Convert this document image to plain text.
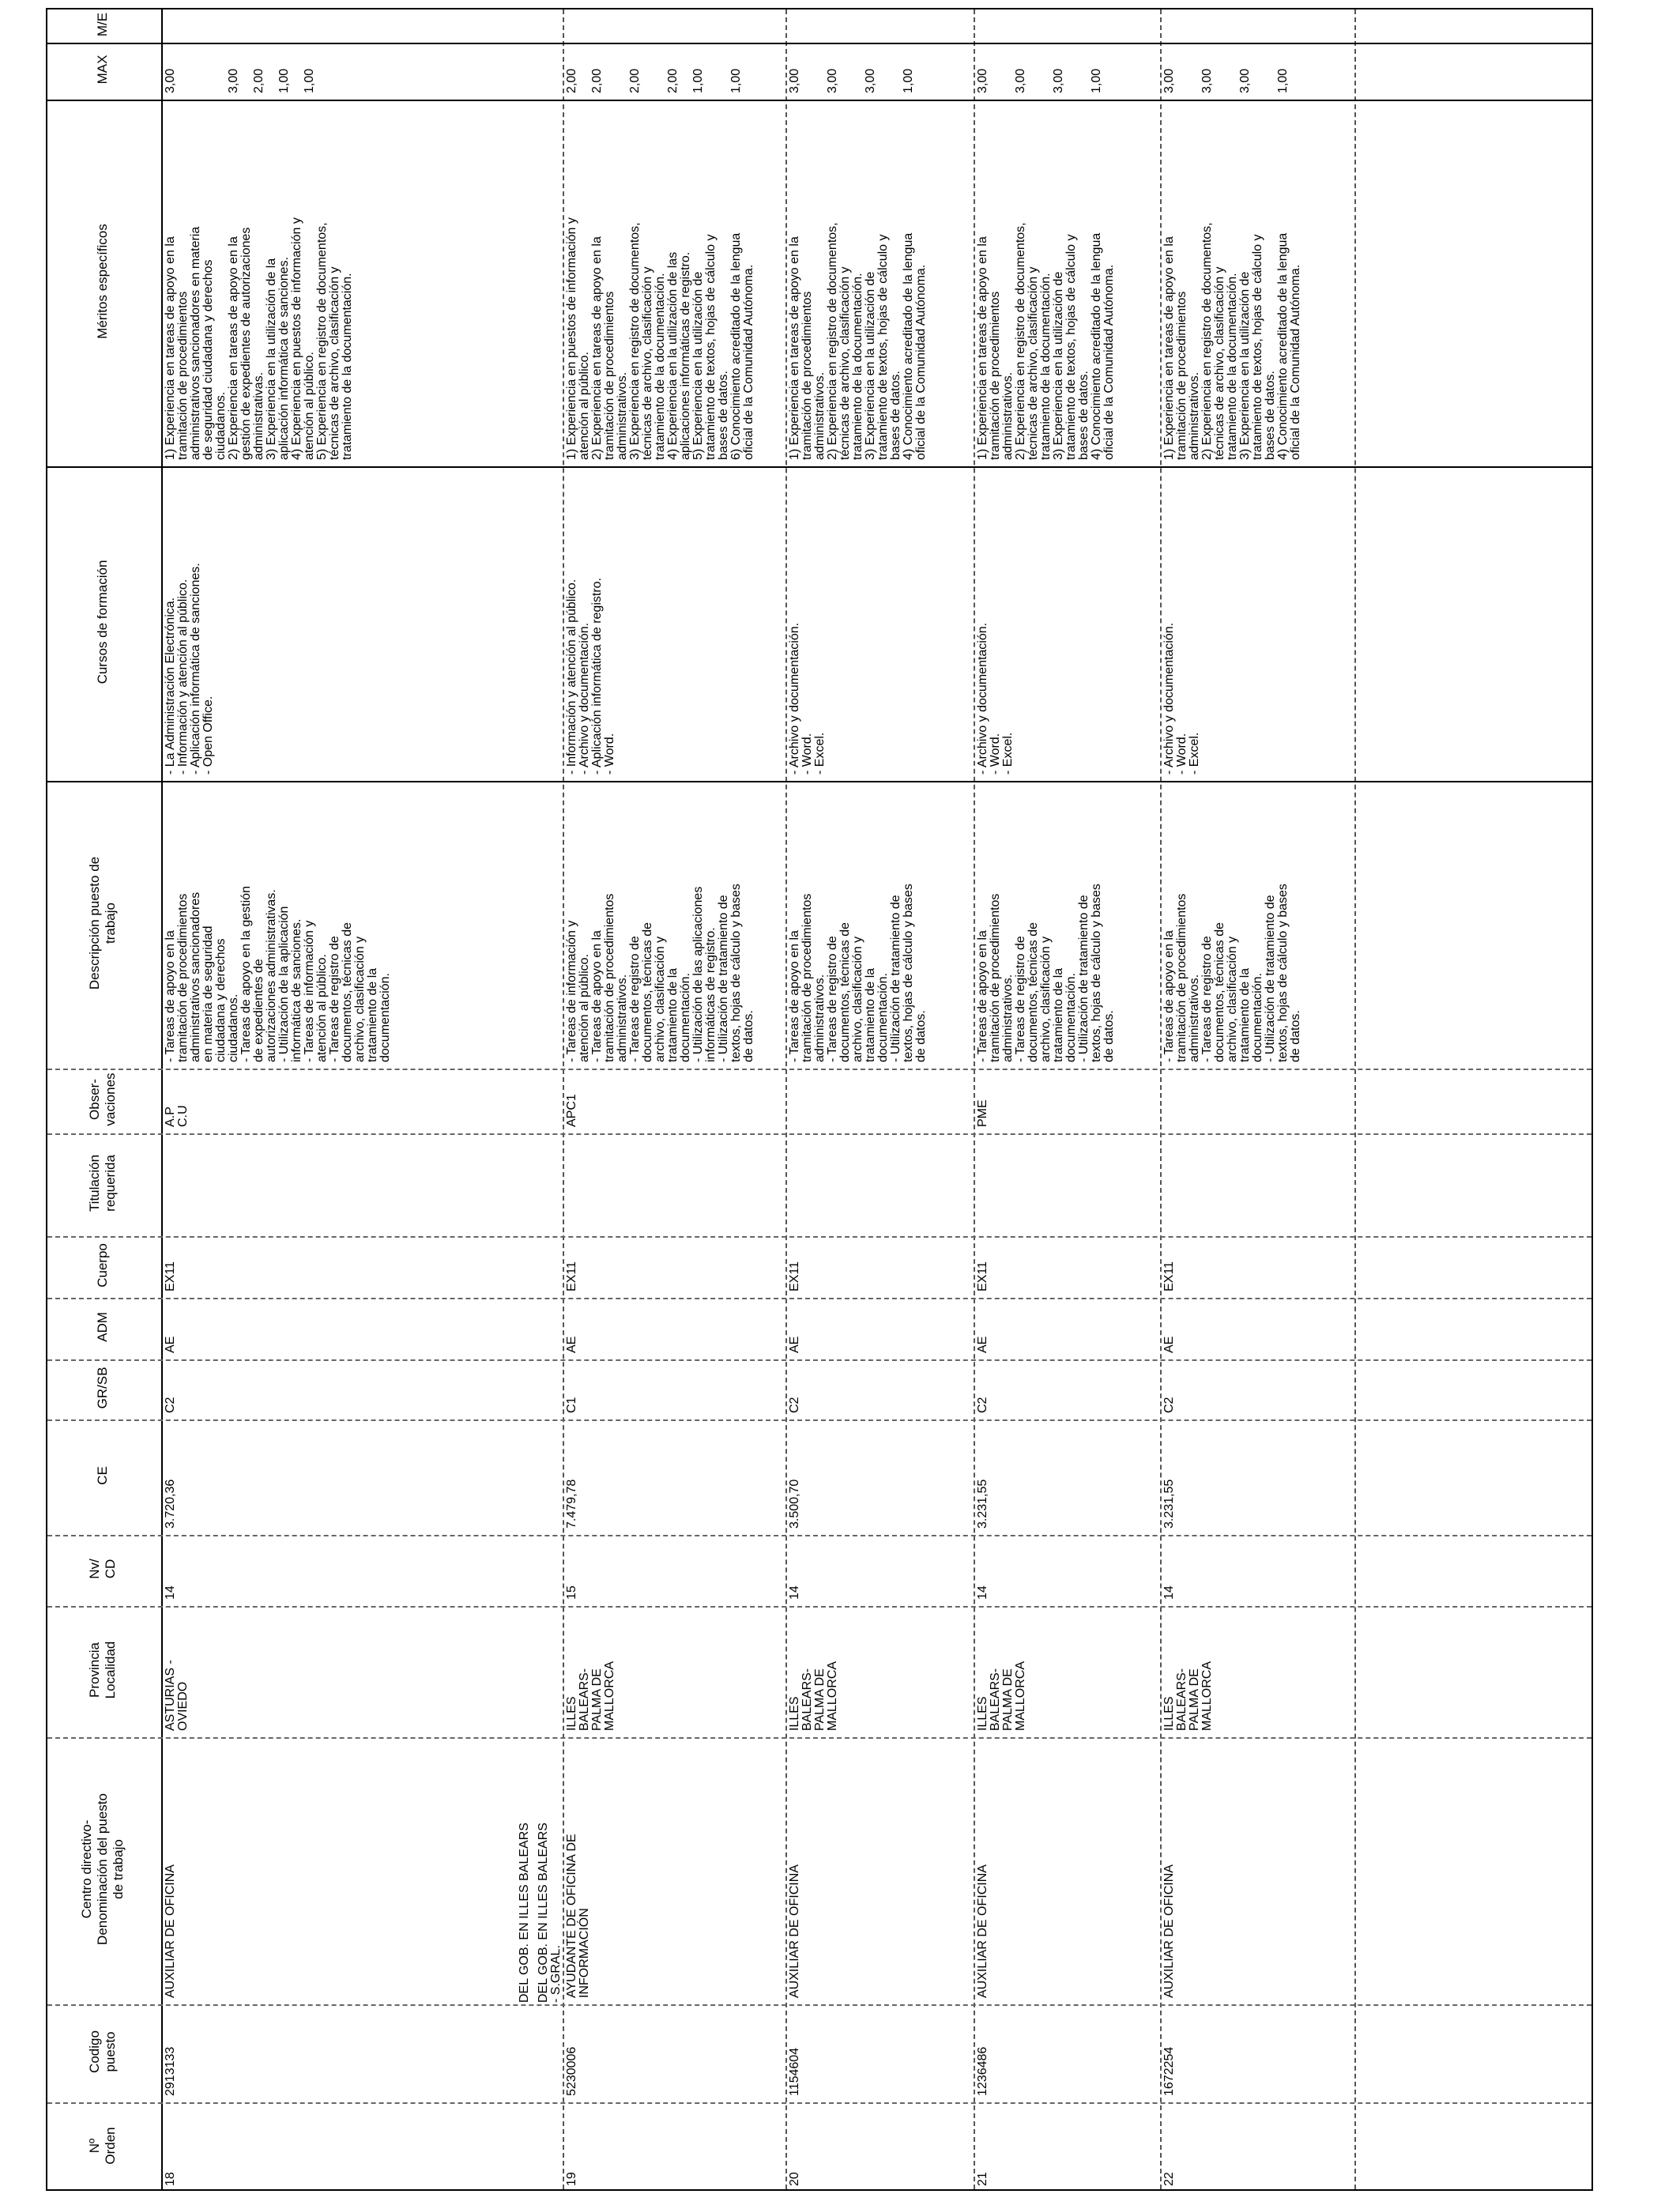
Nº
Orden
Codigo
puesto
Centro directivo-
Denominación del puesto
de trabajo
Provincia
Localidad
Nv/
CD
CE
GR/SB
ADM
Cuerpo
Titulación
requerida
Obser-
vaciones
Descripción puesto de
trabajo
Cursos de formación
Méritos específicos
MAX
M/E
DEL GOB. EN ILLES BALEARS DEL GOB. EN ILLES BALEARS
- S.GRAL.
18
2913133
AUXILIAR DE OFICINA
ASTURIAS -
OVIEDO
14
3.720,36
C2
AE
EX11
A.P
C.U
- Tareas de apoyo en la
tramitación de procedimientos
administrativos sancionadores
en materia de seguridad
ciudadana y derechos
ciudadanos.
- Tareas de apoyo en la gestión
de expedientes de
autorizaciones administrativas.
- Utilización de la aplicación
informática de sanciones.
- Tareas de información y
atención al público.
- Tareas de registro de
documentos, técnicas de
archivo, clasificación y
tratamiento de la
documentación.
- La Administración Electrónica.
- Información y atención al público.
- Aplicación informática de sanciones.
- Open Office.
1) Experiencia en tareas de apoyo en la
tramitación de procedimientos
administrativos sancionadores en materia
de seguridad ciudadana y derechos
ciudadanos.
2) Experiencia en tareas de apoyo en la
gestión de expedientes de autorizaciones
administrativas.
3) Experiencia en la utilización de la
aplicación informática de sanciones.
4) Experiencia en puestos de información y
atención al público.
5) Experiencia en registro de documentos,
técnicas de archivo, clasificación y
tratamiento de la documentación.
3,00

3,00

2,00

1,00

1,00
19
5230006
AYUDANTE DE OFICINA DE
INFORMACIÓN
ILLES
BALEARS-
PALMA DE
MALLORCA
15
7.479,78
C1
AE
EX11
APC1
- Tareas de información y
atención al público.
- Tareas de apoyo en la
tramitación de procedimientos
administrativos.
- Tareas de registro de
documentos, técnicas de
archivo, clasificación y
tratamiento de la
documentación.
- Utilización de las aplicaciones
informáticas de registro.
- Utilización de tratamiento de
textos, hojas de cálculo y bases
de datos.
- Información y atención al público.
- Archivo y documentación.
- Aplicación informática de registro.
- Word.
1) Experiencia en puestos de información y
atención al público.
2) Experiencia en tareas de apoyo en la
tramitación de procedimientos
administrativos.
3) Experiencia en registro de documentos,
técnicas de archivo, clasificación y
tratamiento de la documentación.
4) Experiencia en la utilización de las
aplicaciones informáticas de registro.
5) Experiencia en la utilización de
tratamiento de textos, hojas de cálculo y
bases de datos.
6) Conocimiento acreditado de la lengua
oficial de la Comunidad Autónoma.
2,00

2,00

2,00

2,00

1,00

1,00
20
1154604
AUXILIAR DE OFICINA
ILLES
BALEARS-
PALMA DE
MALLORCA
14
3.500,70
C2
AE
EX11
- Tareas de apoyo en la
tramitación de procedimientos
administrativos.
- Tareas de registro de
documentos, técnicas de
archivo, clasificación y
tratamiento de la
documentación.
- Utilización de tratamiento de
textos, hojas de cálculo y bases
de datos.
- Archivo y documentación.
- Word.
- Excel.
1) Experiencia en tareas de apoyo en la
tramitación de procedimientos
administrativos.
2) Experiencia en registro de documentos,
técnicas de archivo, clasificación y
tratamiento de la documentación.
3) Experiencia en la utilización de
tratamiento de textos, hojas de cálculo y
bases de datos.
4) Conocimiento acreditado de la lengua
oficial de la Comunidad Autónoma.
3,00

3,00

3,00

1,00
21
1236486
AUXILIAR DE OFICINA
ILLES
BALEARS-
PALMA DE
MALLORCA
14
3.231,55
C2
AE
EX11
PME
- Tareas de apoyo en la
tramitación de procedimientos
administrativos.
- Tareas de registro de
documentos, técnicas de
archivo, clasificación y
tratamiento de la
documentación.
- Utilización de tratamiento de
textos, hojas de cálculo y bases
de datos.
- Archivo y documentación.
- Word.
- Excel.
1) Experiencia en tareas de apoyo en la
tramitación de procedimientos
administrativos.
2) Experiencia en registro de documentos,
técnicas de archivo, clasificación y
tratamiento de la documentación.
3) Experiencia en la utilización de
tratamiento de textos, hojas de cálculo y
bases de datos.
4) Conocimiento acreditado de la lengua
oficial de la Comunidad Autónoma.
3,00

3,00

3,00

1,00
22
1672254
AUXILIAR DE OFICINA
ILLES
BALEARS-
PALMA DE
MALLORCA
14
3.231,55
C2
AE
EX11
- Tareas de apoyo en la
tramitación de procedimientos
administrativos.
- Tareas de registro de
documentos, técnicas de
archivo, clasificación y
tratamiento de la
documentación.
- Utilización de tratamiento de
textos, hojas de cálculo y bases
de datos.
- Archivo y documentación.
- Word.
- Excel.
1) Experiencia en tareas de apoyo en la
tramitación de procedimientos
administrativos.
2) Experiencia en registro de documentos,
técnicas de archivo, clasificación y
tratamiento de la documentación.
3) Experiencia en la utilización de
tratamiento de textos, hojas de cálculo y
bases de datos.
4) Conocimiento acreditado de la lengua
oficial de la Comunidad Autónoma.
3,00

3,00

3,00

1,00
